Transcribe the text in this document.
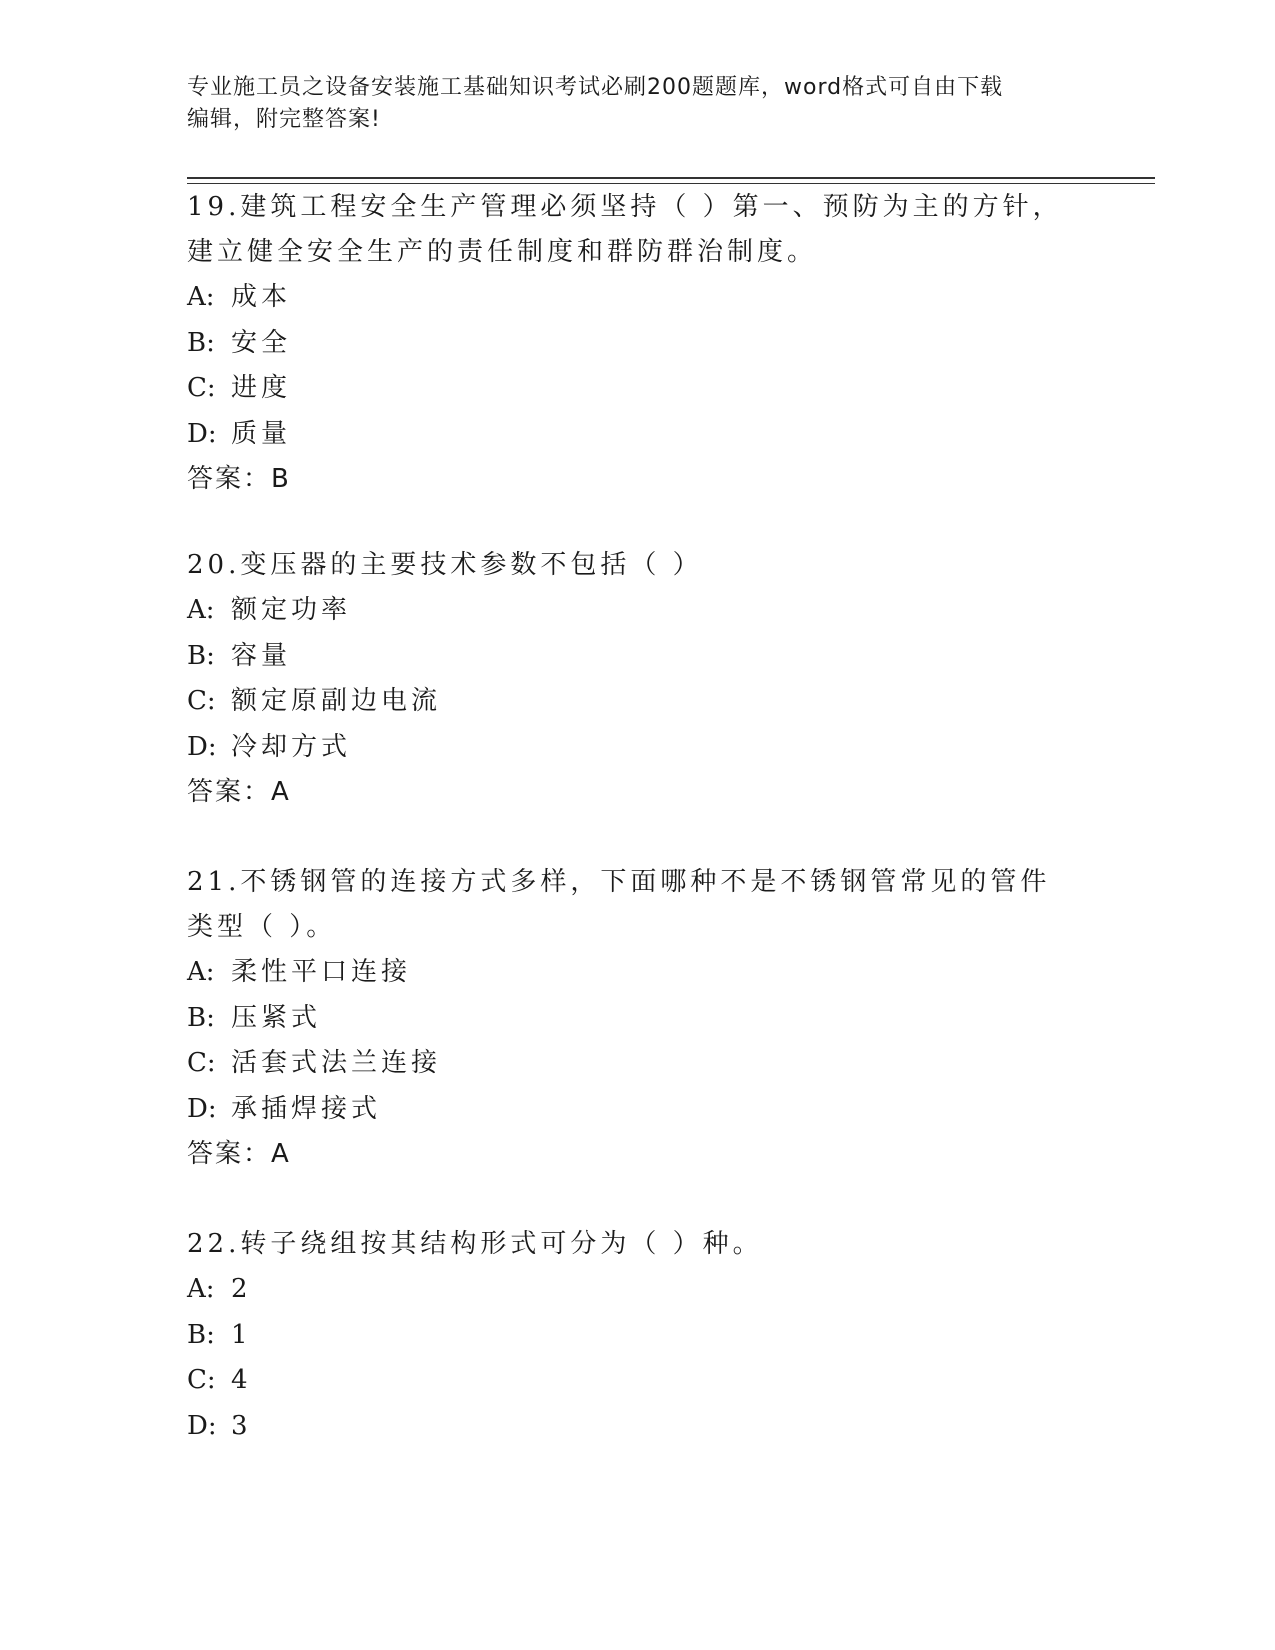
专业施工员之设备安装施工基础知识考试必刷200题题库，word格式可自由下载
编辑，附完整答案!

19.建筑工程安全生产管理必须坚持（ ）第一、预防为主的方针，建立健全安全生产的责任制度和群防群治制度。

A: 成本
B: 安全
C: 进度
D: 质量
答案：B

20.变压器的主要技术参数不包括（ ）

A: 额定功率
B: 容量
C: 额定原副边电流
D: 冷却方式
答案：A

21.不锈钢管的连接方式多样，下面哪种不是不锈钢管常见的管件类型（ ）。

A: 柔性平口连接
B: 压紧式
C: 活套式法兰连接
D: 承插焊接式
答案：A

22.转子绕组按其结构形式可分为（ ）种。

A: 2
B: 1
C: 4
D: 3
